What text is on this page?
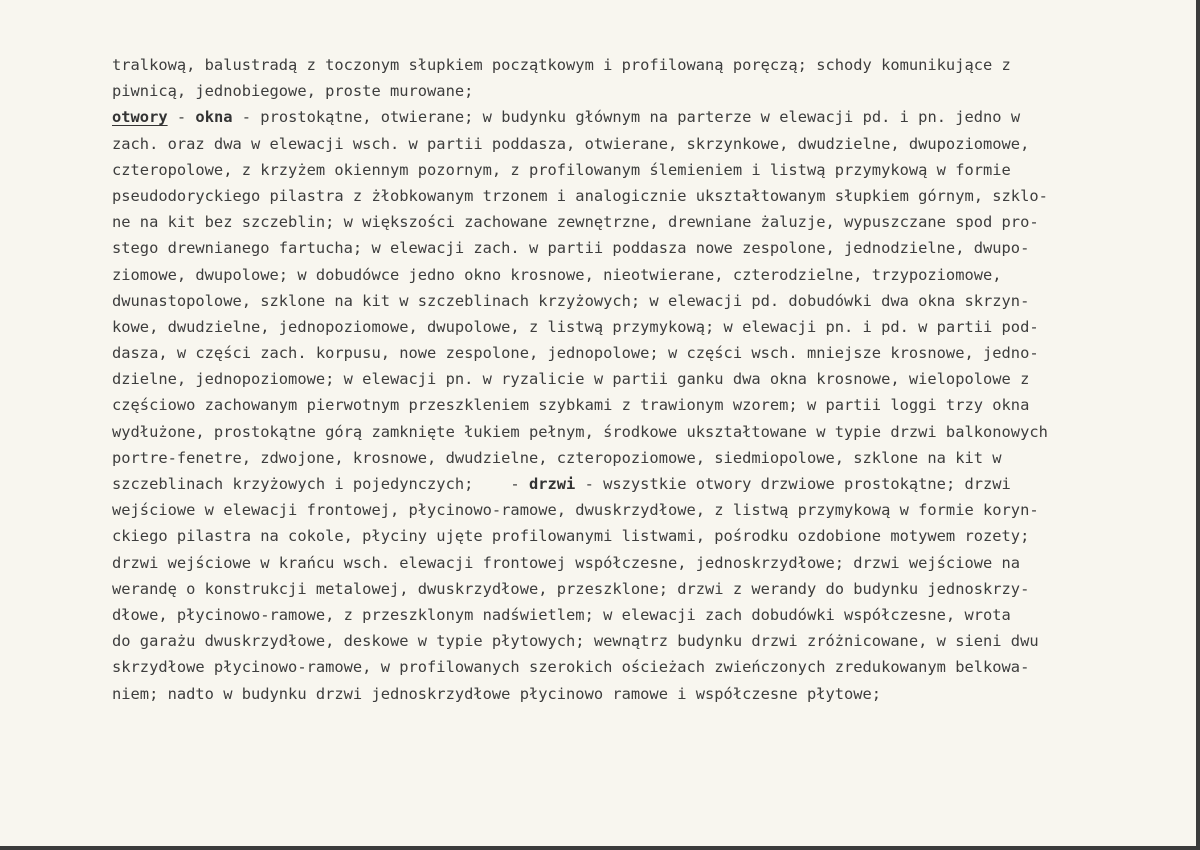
tralkową, balustradą z toczonym słupkiem początkowym i profilowaną poręczą; schody komunikujące z
piwnicą, jednobiegowe, proste murowane;
otwory - okna - prostokątne, otwierane; w budynku głównym na parterze w elewacji pd. i pn. jedno w
zach. oraz dwa w elewacji wsch. w partii poddasza, otwierane, skrzynkowe, dwudzielne, dwupoziomowe,
czteropolowe, z krzyżem okiennym pozornym, z profilowanym ślemieniem i listwą przymykową w formie
pseudodoryckiego pilastra z żłobkowanym trzonem i analogicznie ukształtowanym słupkiem górnym, szklo-
ne na kit bez szczeblin; w większości zachowane zewnętrzne, drewniane żaluzje, wypuszczane spod pro-
stego drewnianego fartucha; w elewacji zach. w partii poddasza nowe zespolone, jednodzielne, dwupo-
ziomowe, dwupolowe; w dobudówce jedno okno krosnowe, nieotwierane, czterodzielne, trzypoziomowe,
dwunastopolowe, szklone na kit w szczeblinach krzyżowych; w elewacji pd. dobudówki dwa okna skrzyn-
kowe, dwudzielne, jednopoziomowe, dwupolowe, z listwą przymykową; w elewacji pn. i pd. w partii pod-
dasza, w części zach. korpusu, nowe zespolone, jednopolowe; w części wsch. mniejsze krosnowe, jedno-
dzielne, jednopoziomowe; w elewacji pn. w ryzalicie w partii ganku dwa okna krosnowe, wielopolowe z
częściowo zachowanym pierwotnym przeszkleniem szybkami z trawionym wzorem; w partii loggi trzy okna
wydłużone, prostokątne górą zamknięte łukiem pełnym, środkowe ukształtowane w typie drzwi balkonowych
portre-fenetre, zdwojone, krosnowe, dwudzielne, czteropoziomowe, siedmiopolowe, szklone na kit w
szczeblinach krzyżowych i pojedynczych;    - drzwi - wszystkie otwory drzwiowe prostokątne; drzwi
wejściowe w elewacji frontowej, płycinowo-ramowe, dwuskrzydłowe, z listwą przymykową w formie koryn-
ckiego pilastra na cokole, płyciny ujęte profilowanymi listwami, pośrodku ozdobione motywem rozety;
drzwi wejściowe w krańcu wsch. elewacji frontowej współczesne, jednoskrzydłowe; drzwi wejściowe na
werandę o konstrukcji metalowej, dwuskrzydłowe, przeszklone; drzwi z werandy do budynku jednoskrzy-
dłowe, płycinowo-ramowe, z przeszklonym nadświetlem; w elewacji zach dobudówki współczesne, wrota
do garażu dwuskrzydłowe, deskowe w typie płytowych; wewnątrz budynku drzwi zróżnicowane, w sieni dwu
skrzydłowe płycinowo-ramowe, w profilowanych szerokich ościeżach zwieńczonych zredukowanym belkowa-
niem; nadto w budynku drzwi jednoskrzydłowe płycinowo ramowe i współczesne płytowe;
